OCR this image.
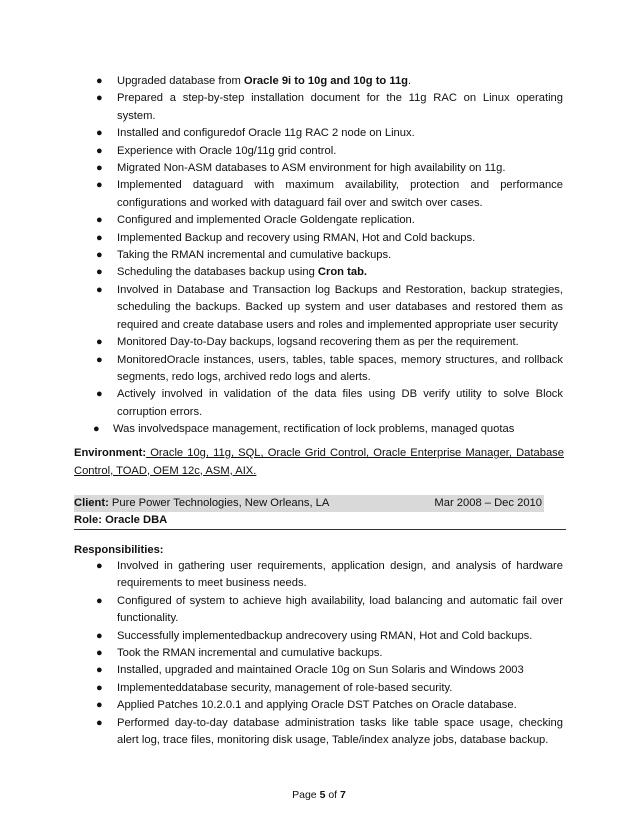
● Upgraded database from Oracle 9i to 10g and 10g to 11g.
● Prepared a step-by-step installation document for the 11g RAC on Linux operating system.
● Installed and configuredof Oracle 11g RAC 2 node on Linux.
● Experience with Oracle 10g/11g grid control.
● Migrated Non-ASM databases to ASM environment for high availability on 11g.
● Implemented dataguard with maximum availability, protection and performance configurations and worked with dataguard fail over and switch over cases.
● Configured and implemented Oracle Goldengate replication.
● Implemented Backup and recovery using RMAN, Hot and Cold backups.
● Taking the RMAN incremental and cumulative backups.
● Scheduling the databases backup using Cron tab.
● Involved in Database and Transaction log Backups and Restoration, backup strategies, scheduling the backups. Backed up system and user databases and restored them as required and create database users and roles and implemented appropriate user security
● Monitored Day-to-Day backups, logsand recovering them as per the requirement.
● MonitoredOracle instances, users, tables, table spaces, memory structures, and rollback segments, redo logs, archived redo logs and alerts.
● Actively involved in validation of the data files using DB verify utility to solve Block corruption errors.
● Was involvedspace management, rectification of lock problems, managed quotas
Environment: Oracle 10g, 11g, SQL, Oracle Grid Control, Oracle Enterprise Manager, Database Control, TOAD, OEM 12c, ASM, AIX.
Client: Pure Power Technologies, New Orleans, LA	Mar 2008 – Dec 2010
Role: Oracle DBA
Responsibilities:
● Involved in gathering user requirements, application design, and analysis of hardware requirements to meet business needs.
● Configured of system to achieve high availability, load balancing and automatic fail over functionality.
● Successfully implementedbackup andrecovery using RMAN, Hot and Cold backups.
● Took the RMAN incremental and cumulative backups.
● Installed, upgraded and maintained Oracle 10g on Sun Solaris and Windows 2003
● Implementeddatabase security, management of role-based security.
● Applied Patches 10.2.0.1 and applying Oracle DST Patches on Oracle database.
● Performed day-to-day database administration tasks like table space usage, checking alert log, trace files, monitoring disk usage, Table/index analyze jobs, database backup.
Page 5 of 7
